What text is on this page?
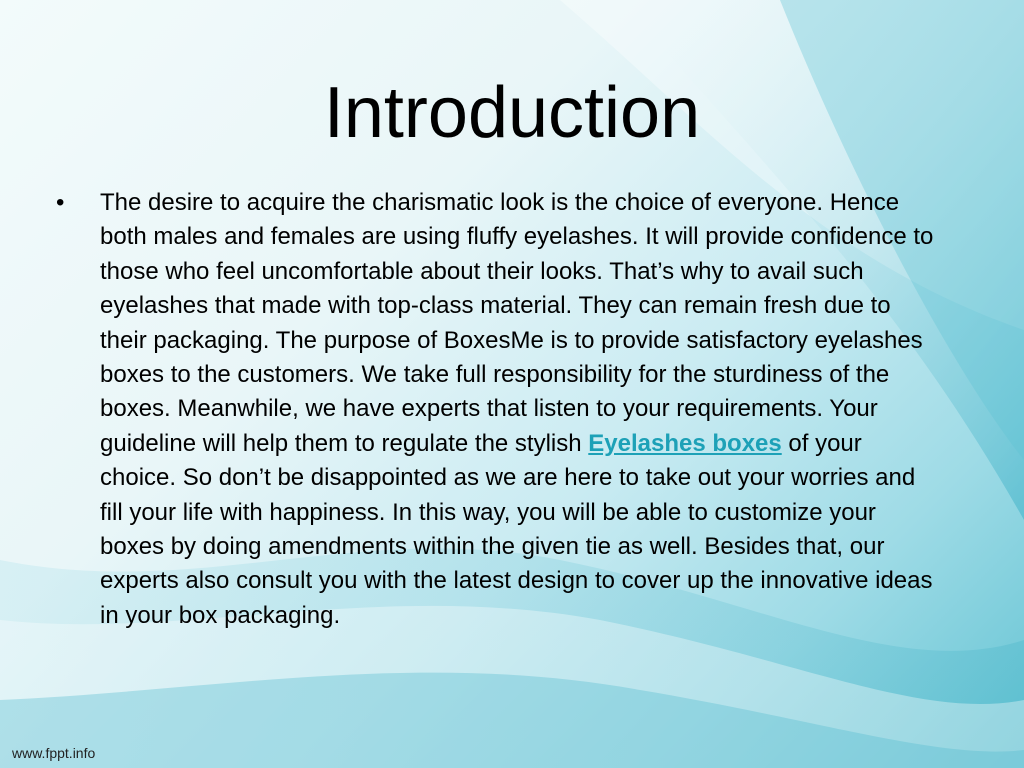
Introduction
•	The desire to acquire the charismatic look is the choice of everyone. Hence both males and females are using fluffy eyelashes. It will provide confidence to those who feel uncomfortable about their looks. That’s why to avail such eyelashes that made with top-class material. They can remain fresh due to their packaging. The purpose of BoxesMe is to provide satisfactory eyelashes boxes to the customers. We take full responsibility for the sturdiness of the boxes. Meanwhile, we have experts that listen to your requirements. Your guideline will help them to regulate the stylish Eyelashes boxes of your choice. So don’t be disappointed as we are here to take out your worries and fill your life with happiness. In this way, you will be able to customize your boxes by doing amendments within the given tie as well. Besides that, our experts also consult you with the latest design to cover up the innovative ideas in your box packaging.
www.fppt.info
